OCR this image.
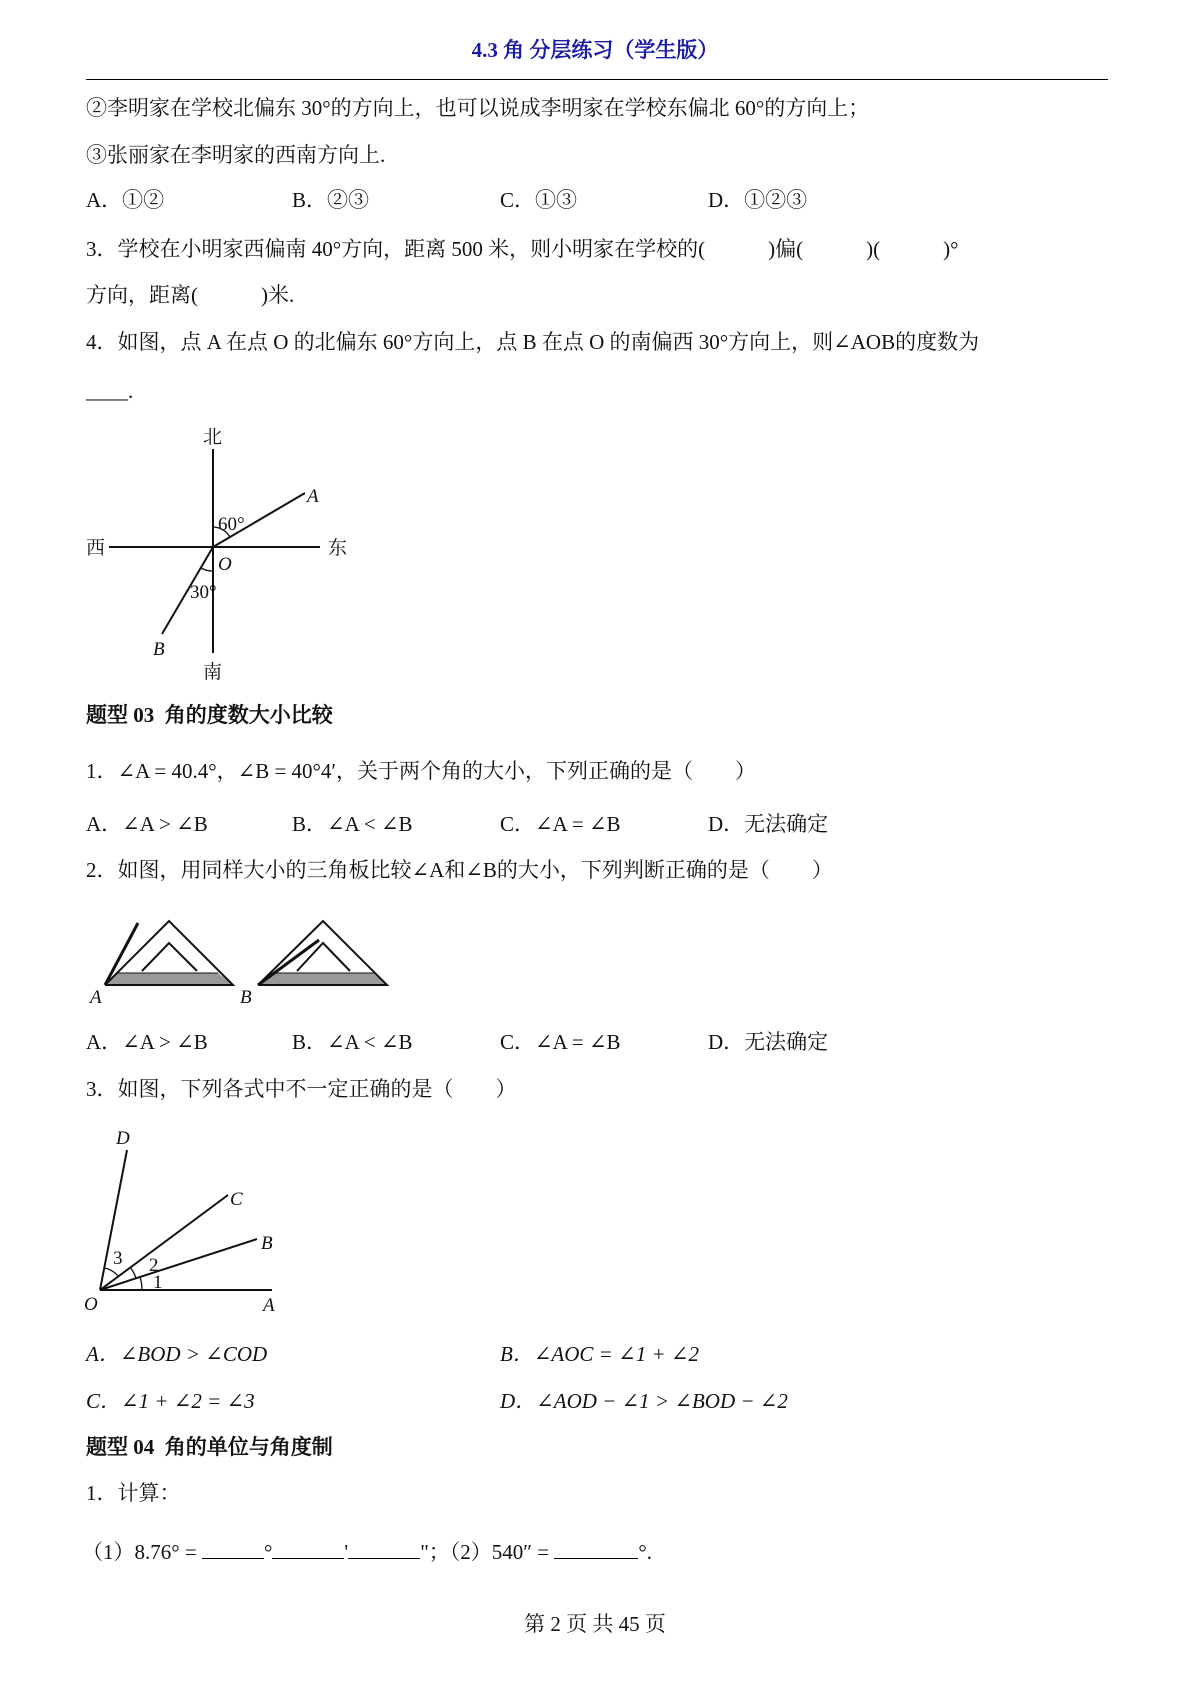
4.3 角 分层练习（学生版）
②李明家在学校北偏东 30°的方向上，也可以说成李明家在学校东偏北 60°的方向上；
③张丽家在李明家的西南方向上.
A．①②	B．②③	C．①③	D．①②③
3．学校在小明家西偏南 40°方向，距离 500 米，则小明家在学校的(            )偏(            )(            )°
方向，距离(            )米.
4．如图，点 A 在点 O 的北偏东 60°方向上，点 B 在点 O 的南偏西 30°方向上，则∠AOB的度数为
____.
北
南
西	东
A
B
O
60°
30°
A	B
D
C
B
A
O
3 2
1
题型 03  角的度数大小比较
1．∠A = 40.4°，∠B = 40°4′，关于两个角的大小，下列正确的是（        ）
A．∠A > ∠B	B．∠A < ∠B	C．∠A = ∠B	D．无法确定
2．如图，用同样大小的三角板比较∠A和∠B的大小，下列判断正确的是（        ）
A．∠A > ∠B	B．∠A < ∠B	C．∠A = ∠B	D．无法确定
3．如图，下列各式中不一定正确的是（        ）
A．∠BOD > ∠COD	B．∠AOC = ∠1 + ∠2
C．∠1 + ∠2 = ∠3	D．∠AOD − ∠1 > ∠BOD − ∠2
题型 04  角的单位与角度制
1．计算：
（1）8.76° =	°	'	"；（2）540″ =	°.
第 2 页 共 45 页
